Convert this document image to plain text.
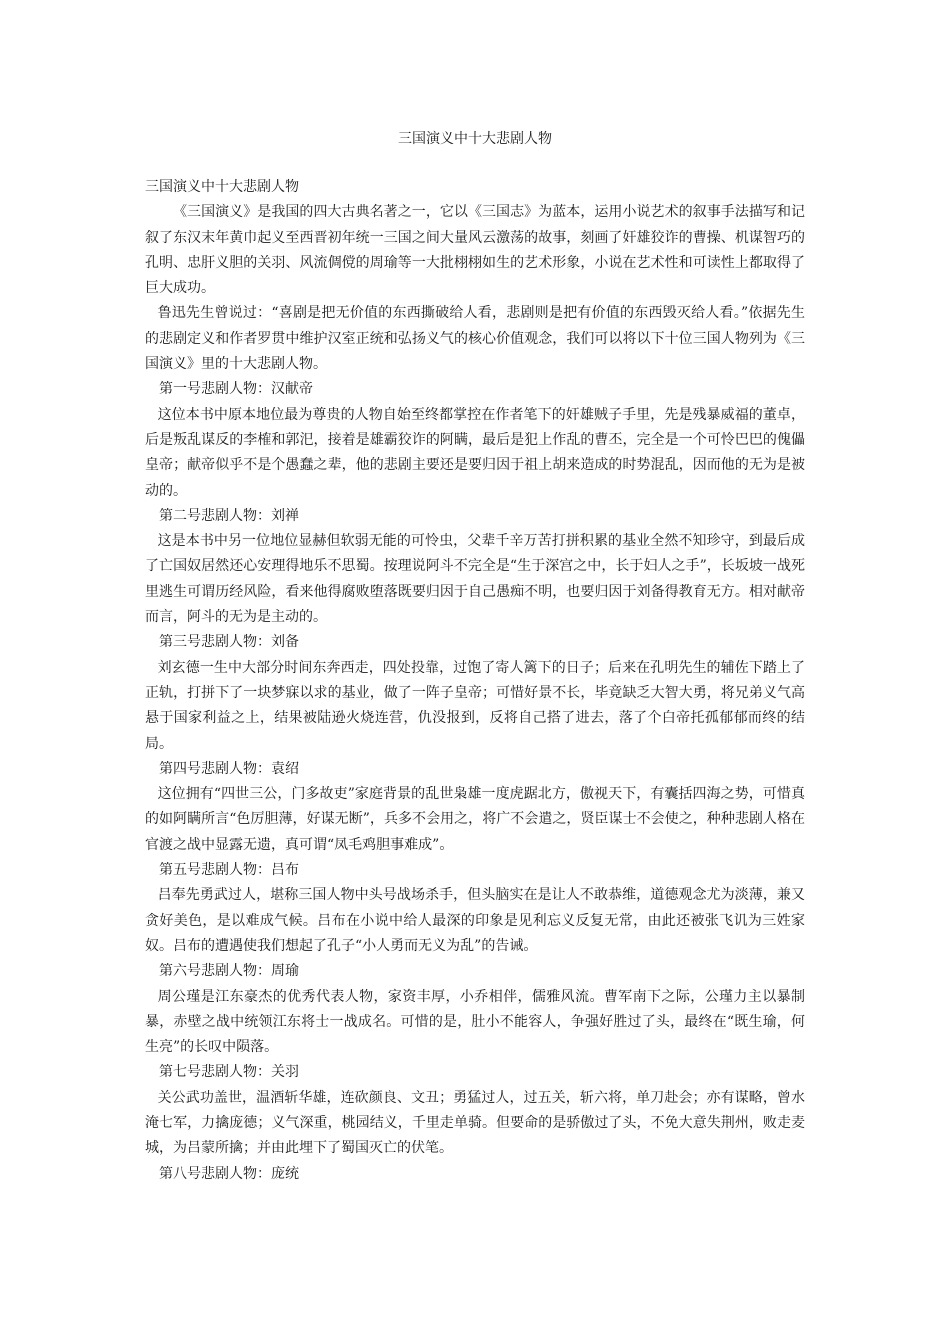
三国演义中十大悲剧人物

三国演义中十大悲剧人物

《三国演义》是我国的四大古典名著之一，它以《三国志》为蓝本，运用小说艺术的叙事手法描写和记叙了东汉末年黄巾起义至西晋初年统一三国之间大量风云激荡的故事，刻画了奸雄狡诈的曹操、机谋智巧的孔明、忠肝义胆的关羽、风流倜傥的周瑜等一大批栩栩如生的艺术形象，小说在艺术性和可读性上都取得了巨大成功。

鲁迅先生曾说过：“喜剧是把无价值的东西撕破给人看，悲剧则是把有价值的东西毁灭给人看。”依据先生的悲剧定义和作者罗贯中维护汉室正统和弘扬义气的核心价值观念，我们可以将以下十位三国人物列为《三国演义》里的十大悲剧人物。

第一号悲剧人物：汉献帝

这位本书中原本地位最为尊贵的人物自始至终都掌控在作者笔下的奸雄贼子手里，先是残暴威福的董卓，后是叛乱谋反的李榷和郭汜，接着是雄霸狡诈的阿瞒，最后是犯上作乱的曹丕，完全是一个可怜巴巴的傀儡皇帝；献帝似乎不是个愚蠢之辈，他的悲剧主要还是要归因于祖上胡来造成的时势混乱，因而他的无为是被动的。

第二号悲剧人物：刘禅

这是本书中另一位地位显赫但软弱无能的可怜虫，父辈千辛万苦打拼积累的基业全然不知珍守，到最后成了亡国奴居然还心安理得地乐不思蜀。按理说阿斗不完全是“生于深宫之中，长于妇人之手”，长坂坡一战死里逃生可谓历经风险，看来他得腐败堕落既要归因于自己愚痴不明，也要归因于刘备得教育无方。相对献帝而言，阿斗的无为是主动的。

第三号悲剧人物：刘备

刘玄德一生中大部分时间东奔西走，四处投靠，过饱了寄人篱下的日子；后来在孔明先生的辅佐下踏上了正轨，打拼下了一块梦寐以求的基业，做了一阵子皇帝；可惜好景不长，毕竟缺乏大智大勇，将兄弟义气高悬于国家利益之上，结果被陆逊火烧连营，仇没报到，反将自己搭了进去，落了个白帝托孤郁郁而终的结局。

第四号悲剧人物：袁绍

这位拥有“四世三公，门多故吏”家庭背景的乱世枭雄一度虎踞北方，傲视天下，有囊括四海之势，可惜真的如阿瞒所言“色厉胆薄，好谋无断”，兵多不会用之，将广不会遣之，贤臣谋士不会使之，种种悲剧人格在官渡之战中显露无遗，真可谓“凤毛鸡胆事难成”。

第五号悲剧人物：吕布

吕奉先勇武过人，堪称三国人物中头号战场杀手，但头脑实在是让人不敢恭维，道德观念尤为淡薄，兼又贪好美色，是以难成气候。吕布在小说中给人最深的印象是见利忘义反复无常，由此还被张飞讥为三姓家奴。吕布的遭遇使我们想起了孔子“小人勇而无义为乱”的告诫。

第六号悲剧人物：周瑜

周公瑾是江东豪杰的优秀代表人物，家资丰厚，小乔相伴，儒雅风流。曹军南下之际，公瑾力主以暴制暴，赤壁之战中统领江东将士一战成名。可惜的是，肚小不能容人，争强好胜过了头，最终在“既生瑜，何生亮”的长叹中陨落。

第七号悲剧人物：关羽

关公武功盖世，温酒斩华雄，连砍颜良、文丑；勇猛过人，过五关，斩六将，单刀赴会；亦有谋略，曾水淹七军，力擒庞德；义气深重，桃园结义，千里走单骑。但要命的是骄傲过了头，不免大意失荆州，败走麦城，为吕蒙所擒；并由此埋下了蜀国灭亡的伏笔。

第八号悲剧人物：庞统
